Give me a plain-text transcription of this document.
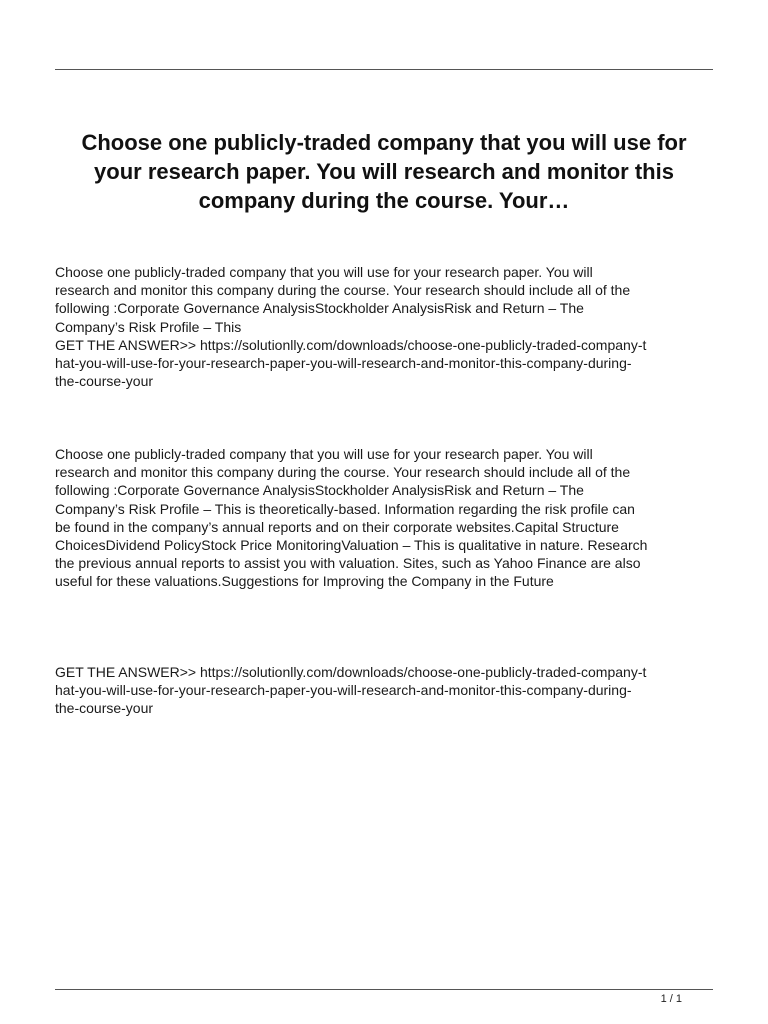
Choose one publicly-traded company that you will use for
your research paper. You will research and monitor this
company during the course. Your…

Choose one publicly-traded company that you will use for your research paper. You will
research and monitor this company during the course. Your research should include all of the
following :Corporate Governance AnalysisStockholder AnalysisRisk and Return – The
Company’s Risk Profile – This
GET THE ANSWER>> https://solutionlly.com/downloads/choose-one-publicly-traded-company-t
hat-you-will-use-for-your-research-paper-you-will-research-and-monitor-this-company-during-
the-course-your

Choose one publicly-traded company that you will use for your research paper. You will
research and monitor this company during the course. Your research should include all of the
following :Corporate Governance AnalysisStockholder AnalysisRisk and Return – The
Company’s Risk Profile – This is theoretically-based. Information regarding the risk profile can
be found in the company’s annual reports and on their corporate websites.Capital Structure
ChoicesDividend PolicyStock Price MonitoringValuation – This is qualitative in nature. Research
the previous annual reports to assist you with valuation. Sites, such as Yahoo Finance are also
useful for these valuations.Suggestions for Improving the Company in the Future

GET THE ANSWER>> https://solutionlly.com/downloads/choose-one-publicly-traded-company-t
hat-you-will-use-for-your-research-paper-you-will-research-and-monitor-this-company-during-
the-course-your

1 / 1
